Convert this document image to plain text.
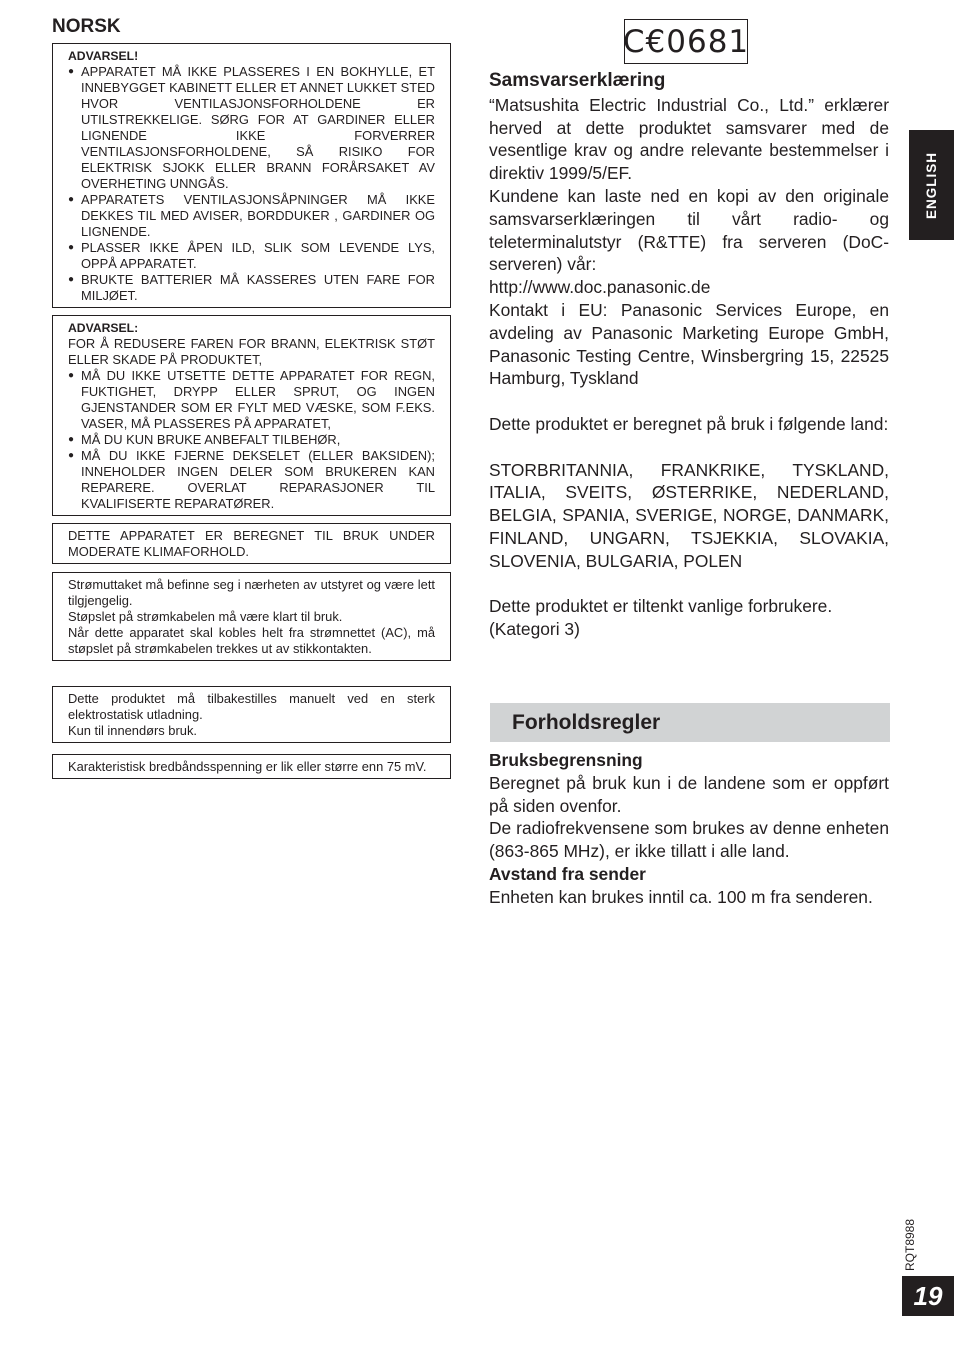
NORSK
ADVARSEL!
● APPARATET MÅ IKKE PLASSERES I EN BOKHYLLE, ET INNEBYGGET KABINETT ELLER ET ANNET LUKKET STED HVOR VENTILASJONSFORHOLDENE ER UTILSTREKKELIGE. SØRG FOR AT GARDINER ELLER LIGNENDE IKKE FORVERRER VENTILASJONSFORHOLDENE, SÅ RISIKO FOR ELEKTRISK SJOKK ELLER BRANN FORÅRSAKET AV OVERHETING UNNGÅS.
● APPARATETS VENTILASJONSÅPNINGER MÅ IKKE DEKKES TIL MED AVISER, BORDDUKER , GARDINER OG LIGNENDE.
● PLASSER IKKE ÅPEN ILD, SLIK SOM LEVENDE LYS, OPPÅ APPARATET.
● BRUKTE BATTERIER MÅ KASSERES UTEN FARE FOR MILJØET.
ADVARSEL:

FOR Å REDUSERE FAREN FOR BRANN, ELEKTRISK STØT ELLER SKADE PÅ PRODUKTET,

● MÅ DU IKKE UTSETTE DETTE APPARATET FOR REGN, FUKTIGHET, DRYPP ELLER SPRUT, OG INGEN GJENSTANDER SOM ER FYLT MED VÆSKE, SOM F.EKS. VASER, MÅ PLASSERES PÅ APPARATET,
● MÅ DU KUN BRUKE ANBEFALT TILBEHØR,
● MÅ DU IKKE FJERNE DEKSELET (ELLER BAKSIDEN); INNEHOLDER INGEN DELER SOM BRUKEREN KAN REPARERE. OVERLAT REPARASJONER TIL KVALIFISERTE REPARATØRER.

DETTE APPARATET ER BEREGNET TIL BRUK UNDER MODERATE KLIMAFORHOLD.

Strømuttaket må befinne seg i nærheten av utstyret og være lett tilgjengelig.

Støpslet på strømkabelen må være klart til bruk.

Når dette apparatet skal kobles helt fra strømnettet (AC), må støpslet på strømkabelen trekkes ut av stikkontakten.

Dette produktet må tilbakestilles manuelt ved en sterk elektrostatisk utladning.

Kun til innendørs bruk.

Karakteristisk bredbåndsspenning er lik eller større enn 75 mV.

C€0681
Samsvarserklæring

“Matsushita Electric Industrial Co., Ltd.” erklærer herved at dette produktet samsvarer med de vesentlige krav og andre relevante bestemmelser i direktiv 1999/5/EF.

Kundene kan laste ned en kopi av den originale samsvarserklæringen til vårt radio- og teleterminalutstyr (R&TTE) fra serveren (DoC-serveren) vår:

http://www.doc.panasonic.de

Kontakt i EU: Panasonic Services Europe, en avdeling av Panasonic Marketing Europe GmbH, Panasonic Testing Centre, Winsbergring 15, 22525 Hamburg, Tyskland

Dette produktet er beregnet på bruk i følgende land:

STORBRITANNIA, FRANKRIKE, TYSKLAND, ITALIA, SVEITS, ØSTERRIKE, NEDERLAND, BELGIA, SPANIA, SVERIGE, NORGE, DANMARK, FINLAND, UNGARN, TSJEKKIA, SLOVAKIA, SLOVENIA, BULGARIA, POLEN

Dette produktet er tiltenkt vanlige forbrukere.

(Kategori 3)

Forholdsregler

Bruksbegrensning

Beregnet på bruk kun i de landene som er oppført på siden ovenfor.

De radiofrekvensene som brukes av denne enheten (863-865 MHz), er ikke tillatt i alle land.

Avstand fra sender

Enheten kan brukes inntil ca. 100 m fra senderen.

ENGLISH
RQT8988
19
